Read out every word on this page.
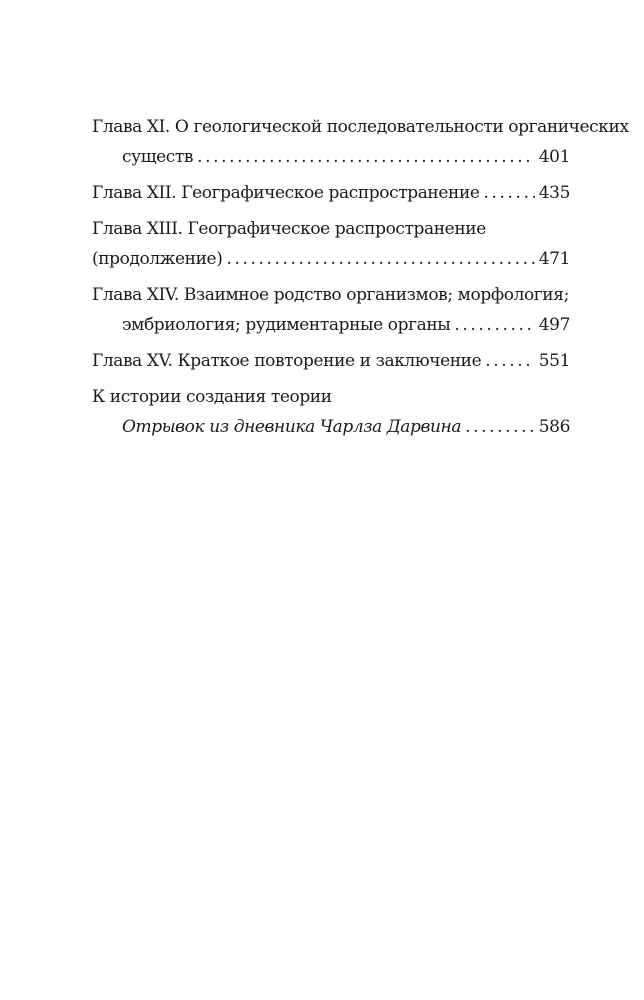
Глава XI. О геологической последовательности органических
существ .....	401
Глава XII. Географическое распространение .....	435
Глава XIII. Географическое распространение
(продолжение) .....	471
Глава XIV. Взаимное родство организмов; морфология;
эмбриология; рудиментарные органы .....	497
Глава XV. Краткое повторение и заключение .....	551
К истории создания теории
Отрывок из дневника Чарлза Дарвина .....	586
